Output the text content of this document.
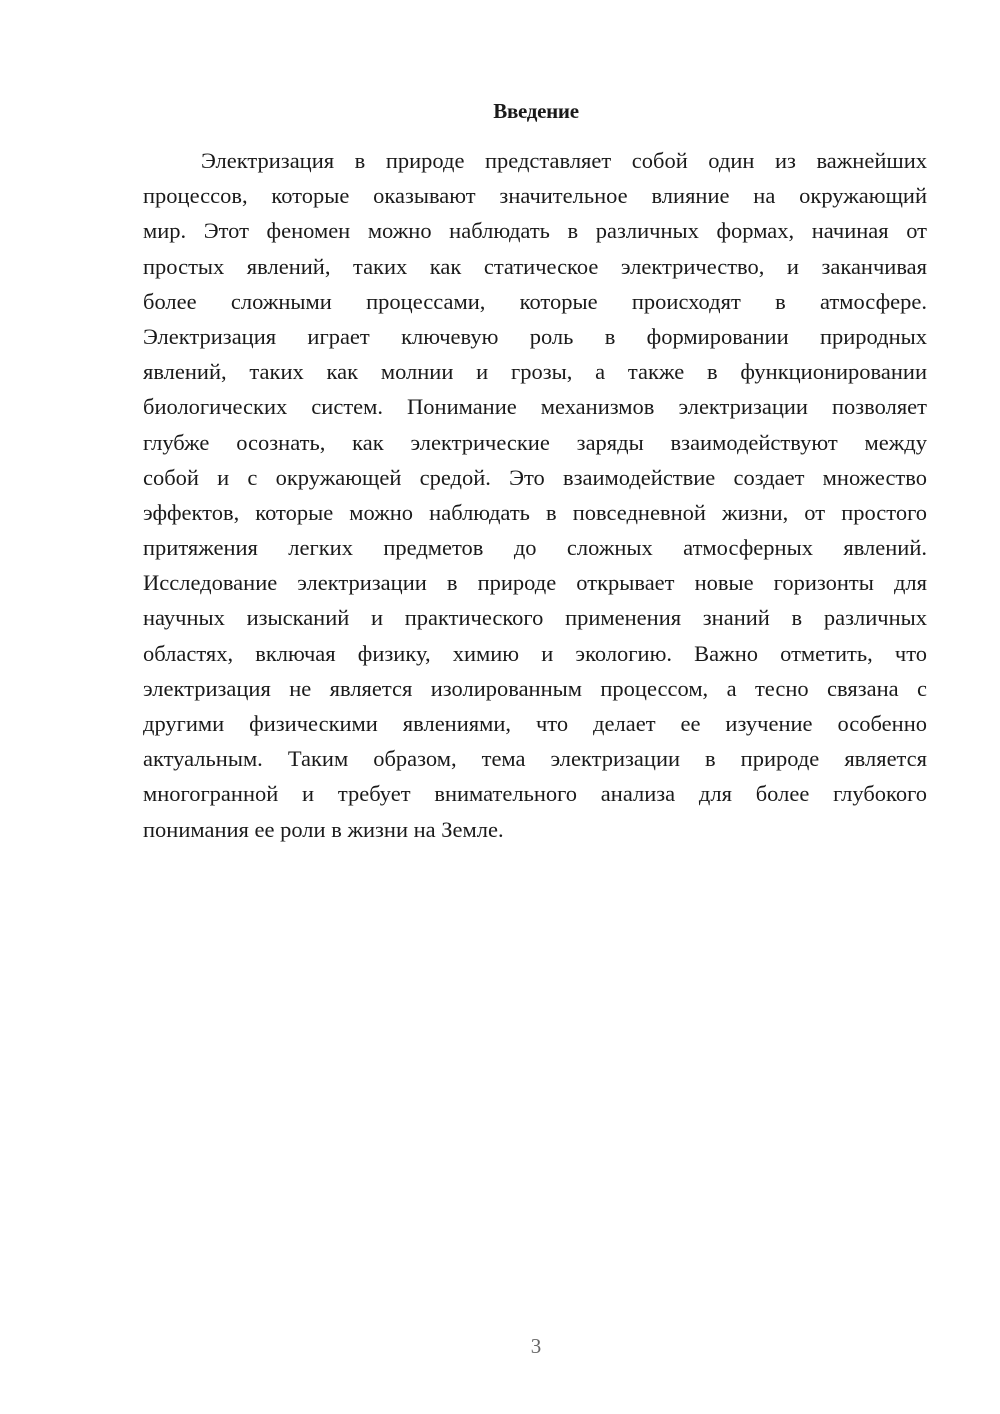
Введение
Электризация в природе представляет собой один из важнейших
процессов, которые оказывают значительное влияние на окружающий
мир. Этот феномен можно наблюдать в различных формах, начиная от
простых явлений, таких как статическое электричество, и заканчивая
более сложными процессами, которые происходят в атмосфере.
Электризация играет ключевую роль в формировании природных
явлений, таких как молнии и грозы, а также в функционировании
биологических систем. Понимание механизмов электризации позволяет
глубже осознать, как электрические заряды взаимодействуют между
собой и с окружающей средой. Это взаимодействие создает множество
эффектов, которые можно наблюдать в повседневной жизни, от простого
притяжения легких предметов до сложных атмосферных явлений.
Исследование электризации в природе открывает новые горизонты для
научных изысканий и практического применения знаний в различных
областях, включая физику, химию и экологию. Важно отметить, что
электризация не является изолированным процессом, а тесно связана с
другими физическими явлениями, что делает ее изучение особенно
актуальным. Таким образом, тема электризации в природе является
многогранной и требует внимательного анализа для более глубокого
понимания ее роли в жизни на Земле.
3
